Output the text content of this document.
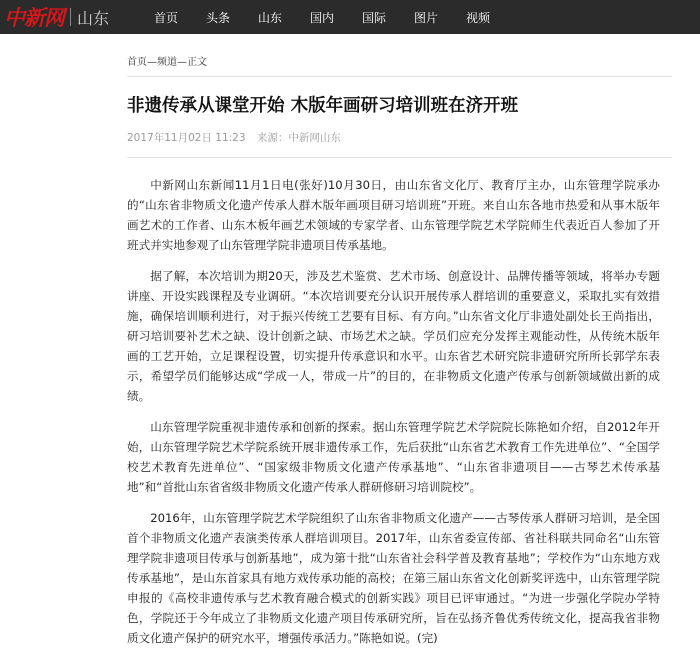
中新网 山东	首页	头条	山东	国内	国际	图片	视频
首页—频道—正文
非遗传承从课堂开始 木版年画研习培训班在济开班
2017年11月02日 11:23 来源：中新网山东

中新网山东新闻11月1日电(张好)10月30日，由山东省文化厅、教育厅主办，山东管理学院承办的“山东省非物质文化遗产传承人群木版年画项目研习培训班”开班。来自山东各地市热爱和从事木版年画艺术的工作者、山东木板年画艺术领域的专家学者、山东管理学院艺术学院师生代表近百人参加了开班式并实地参观了山东管理学院非遗项目传承基地。

据了解，本次培训为期20天，涉及艺术鉴赏、艺术市场、创意设计、品牌传播等领域，将举办专题讲座、开设实践课程及专业调研。“本次培训要充分认识开展传承人群培训的重要意义，采取扎实有效措施，确保培训顺利进行，对于振兴传统工艺要有目标、有方向。”山东省文化厅非遗处副处长王尚指出，研习培训要补艺术之缺、设计创新之缺、市场艺术之缺。学员们应充分发挥主观能动性，从传统木版年画的工艺开始，立足课程设置，切实提升传承意识和水平。山东省艺术研究院非遗研究所所长郭学东表示，希望学员们能够达成“学成一人，带成一片”的目的，在非物质文化遗产传承与创新领域做出新的成绩。

山东管理学院重视非遗传承和创新的探索。据山东管理学院艺术学院院长陈艳如介绍，自2012年开始，山东管理学院艺术学院系统开展非遗传承工作，先后获批“山东省艺术教育工作先进单位”、“全国学校艺术教育先进单位”、“国家级非物质文化遗产传承基地”、“山东省非遗项目——古琴艺术传承基地”和“首批山东省省级非物质文化遗产传承人群研修研习培训院校”。

2016年，山东管理学院艺术学院组织了山东省非物质文化遗产——古琴传承人群研习培训，是全国首个非物质文化遗产表演类传承人群培训项目。2017年，山东省委宣传部、省社科联共同命名“山东管理学院非遗项目传承与创新基地”，成为第十批“山东省社会科学普及教育基地”；学校作为“山东地方戏传承基地”，是山东首家具有地方戏传承功能的高校；在第三届山东省文化创新奖评选中，山东管理学院申报的《高校非遗传承与艺术教育融合模式的创新实践》项目已评审通过。“为进一步强化学院办学特色，学院还于今年成立了非物质文化遗产项目传承研究所，旨在弘扬齐鲁优秀传统文化，提高我省非物质文化遗产保护的研究水平，增强传承活力。”陈艳如说。(完)
